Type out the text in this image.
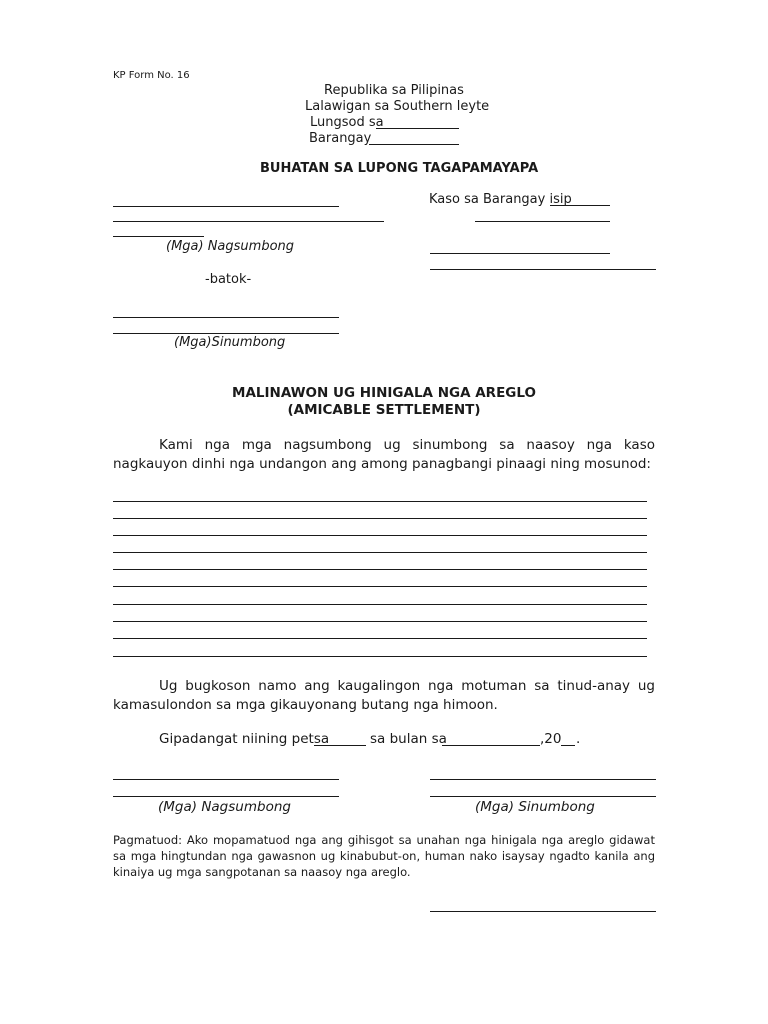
KP Form No. 16
Republika sa Pilipinas
Lalawigan sa Southern leyte
Lungsod sa
Barangay
BUHATAN SA LUPONG TAGAPAMAYAPA
(Mga) Nagsumbong
Kaso sa Barangay isip
-batok-
(Mga)Sinumbong
MALINAWON UG HINIGALA NGA AREGLO
(AMICABLE SETTLEMENT)
Kami nga mga nagsumbong ug sinumbong sa naasoy nga kaso nagkauyon dinhi nga undangon ang among panagbangi pinaagi ning mosunod:
Ug bugkoson namo ang kaugalingon nga motuman sa tinud-anay ug kamasulondon sa mga gikauyonang butang nga himoon.
Gipadangat niining petsa	sa bulan sa	,20 .
(Mga) Nagsumbong	(Mga) Sinumbong
Pagmatuod: Ako mopamatuod nga ang gihisgot sa unahan nga hinigala nga areglo gidawat sa mga hingtundan nga gawasnon ug kinabubut-on, human nako isaysay ngadto kanila ang kinaiya ug mga sangpotanan sa naasoy nga areglo.
